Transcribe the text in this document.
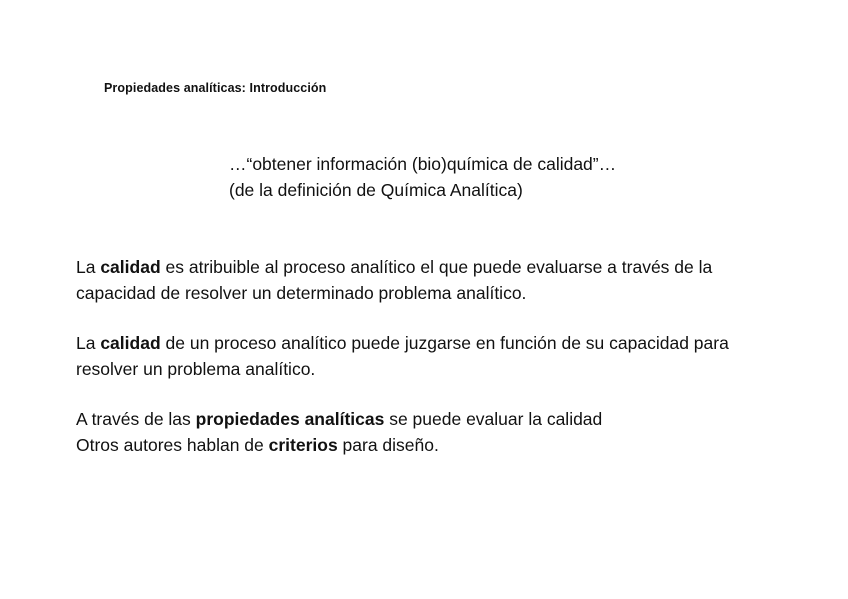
Propiedades analíticas: Introducción
…“obtener información (bio)química de calidad”…
(de la definición de Química Analítica)
La calidad es atribuible al proceso analítico el que puede evaluarse a través de la
capacidad de resolver un determinado problema analítico.
La calidad de un proceso analítico puede juzgarse en función de su capacidad para
resolver un problema analítico.
A través de las propiedades analíticas se puede evaluar la calidad
Otros autores hablan de criterios para diseño.
